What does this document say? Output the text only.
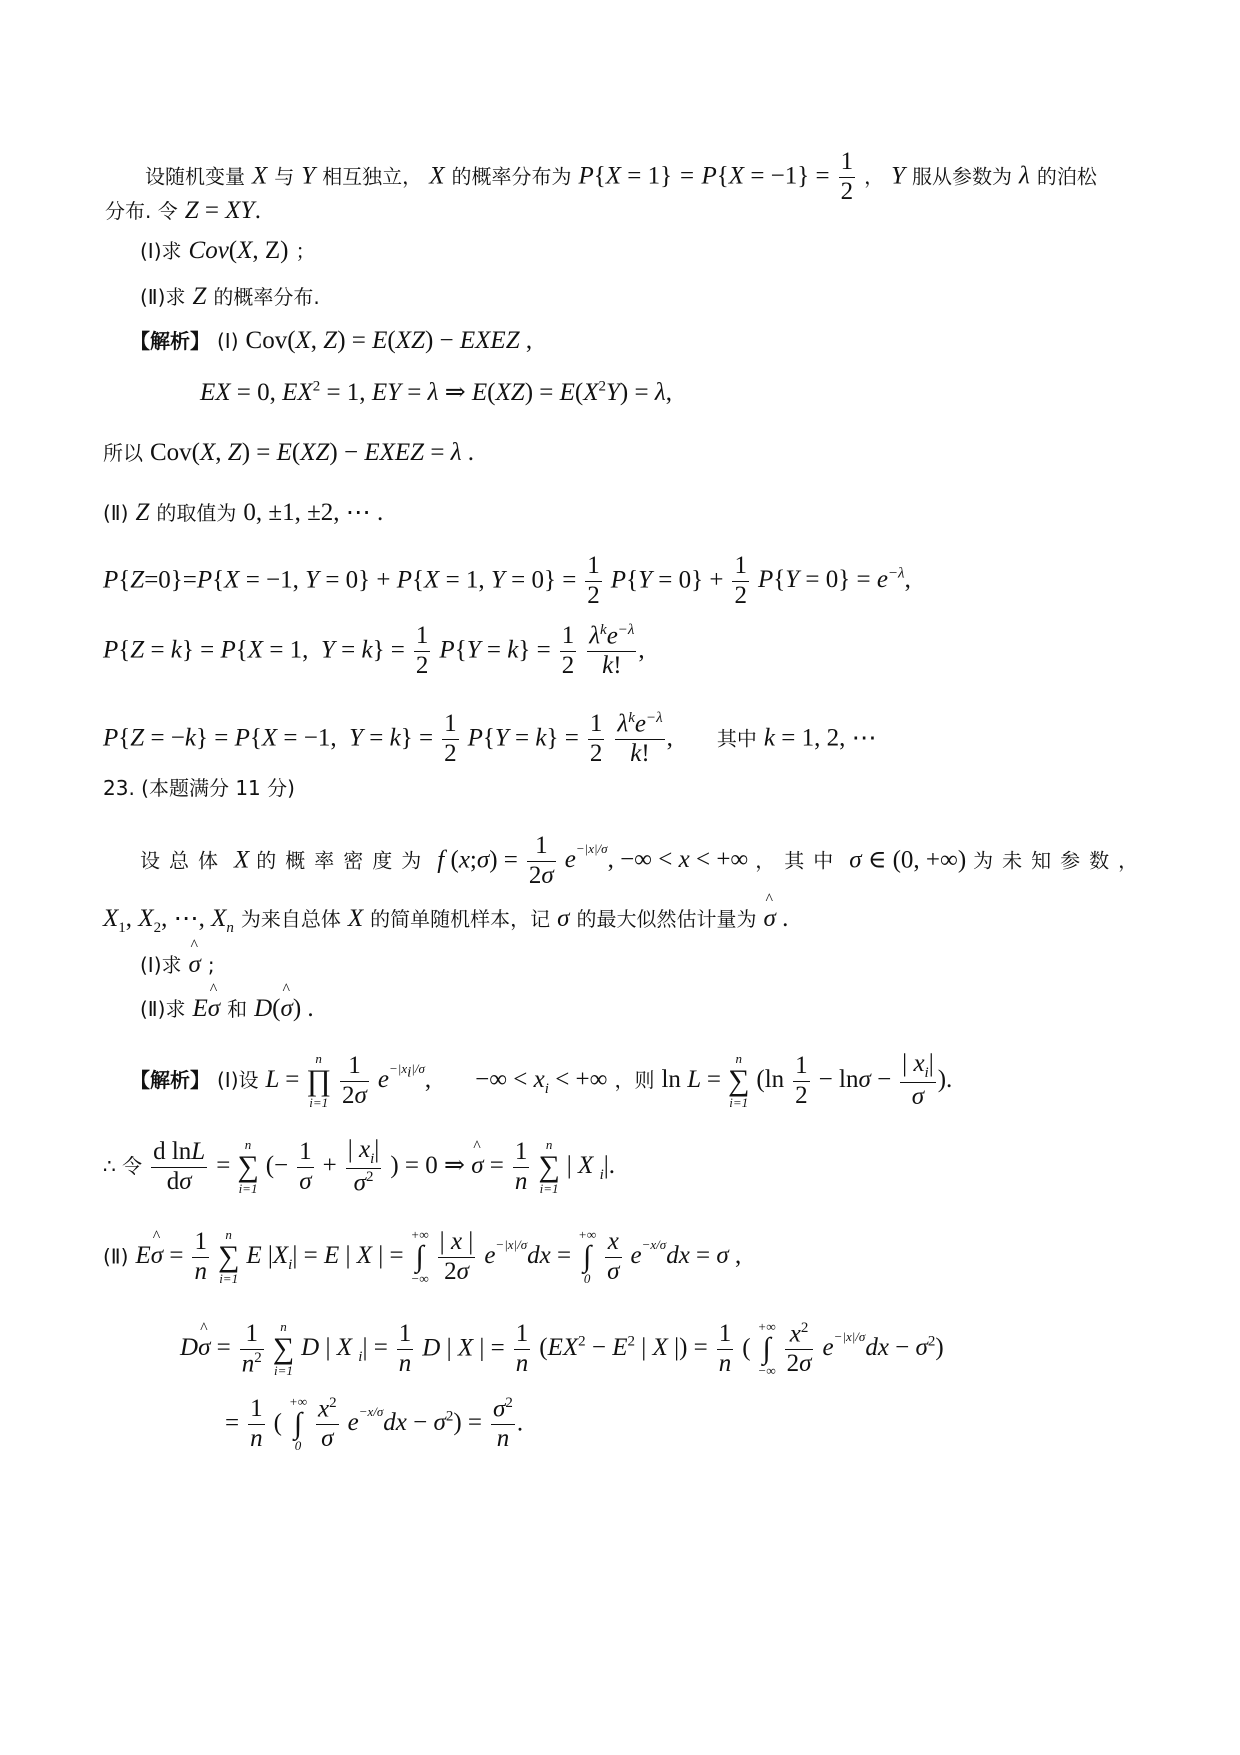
设随机变量 X 与 Y 相互独立， X 的概率分布为 $P\{X = 1\} = P\{X = -1\} = \frac{1}{2}$ ， Y 服从参数为 λ 的泊松
分布. 令 Z = XY.
(Ⅰ)求 Cov(X, Z) ；
(Ⅱ)求 Z 的概率分布.
【解析】 (Ⅰ) Cov(X, Z) = E(XZ) − EXEZ ,
EX = 0, $EX^2 = 1$, EY = λ ⇒ $E(XZ) = E(X^2Y) = \lambda$,
所以 Cov(X, Z) = E(XZ) − EXEZ = λ .
(Ⅱ) Z 的取值为 0, ±1, ±2, ⋯ .
P{Z=0}=P{X = −1, Y = 0} + P{X = 1, $Y = 0\} = \frac{1}{2} P\{Y = 0\} + \frac{1}{2} P\{Y = 0\} = e^{-\lambda}$,
P{Z = k} = P{X = 1,  $Y = k\} = \frac{1}{2} P\{Y = k\} = \frac{1}{2}$
$\frac{\lambda^ke^{-\lambda}}{k!}$ ,
P{Z = −k} = P{X = −1,  $Y = k\} = \frac{1}{2} P\{Y = k\} = \frac{1}{2}$
$\frac{\lambda^ke^{-\lambda}}{k!}$ , 其中 k = 1, 2, ⋯
23. (本题满分 11 分)
设总体 X 的概率密度为 f (x;σ) = $\frac{1}{2\sigma} e^{-|x|/\sigma}$, −∞ < x < +∞ ，其中 σ ∈ (0, +∞) 为未知参数，
$X_1$, $X_2$, ⋯, $X_n$ 为来自总体 X 的简单随机样本，记 σ 的最大似然估计量为 ^ σ .
(Ⅰ)求 ^ σ ;
(Ⅱ)求 E^ σ 和 D(^ σ) .
【解析】 (Ⅰ)设 L =
n
∏
i=1
$\frac{1}{2\sigma} e^{-|x_i|/\sigma}$, −∞ < $x_i$ < +∞ ，则 ln L =
n
∑
i=1
($\ln \frac{1}{2} - \ln\sigma - \frac{| x_i|}{\sigma}$ ).
∴ 令 $\frac{\text{d lnL}}{d\sigma}$ =
n
∑
i=1
(− $\frac{1}{\sigma} + \frac{| x_i|}{\sigma^2}$ ) = 0 ⇒ ^ $\sigma = \frac{1}{n}$
	n
∑
i=1
| X $_i$|.
(Ⅱ) E^ $\sigma = \frac{1}{n}$
	n
∑
i=1
E $|X_i| = E$ | X | =
+∞
∫
−∞
$\frac{| x |}{2\sigma} e^{-|x|/\sigma}dx$ =
+∞
∫
0
$\frac{x}{\sigma} e^{-x/\sigma}dx = \sigma$ ,
D^ $\sigma = \frac{1}{n^2}$
	n
∑
i=1
D | X $_i| = \frac{1}{n}$ D | X | = $\frac{1}{n} (EX^2 - E^2$ | X |) = $\frac{1}{n}$ (
+∞
∫
−∞
$\frac{x^2}{2\sigma} e^{-|x|/\sigma}dx - \sigma^2$)
= $\frac{1}{n}$ (
+∞
∫
0
$\frac{x^2}{\sigma} e^{-x/\sigma}dx - \sigma^2) = \frac{\sigma^2}{n}$ .
